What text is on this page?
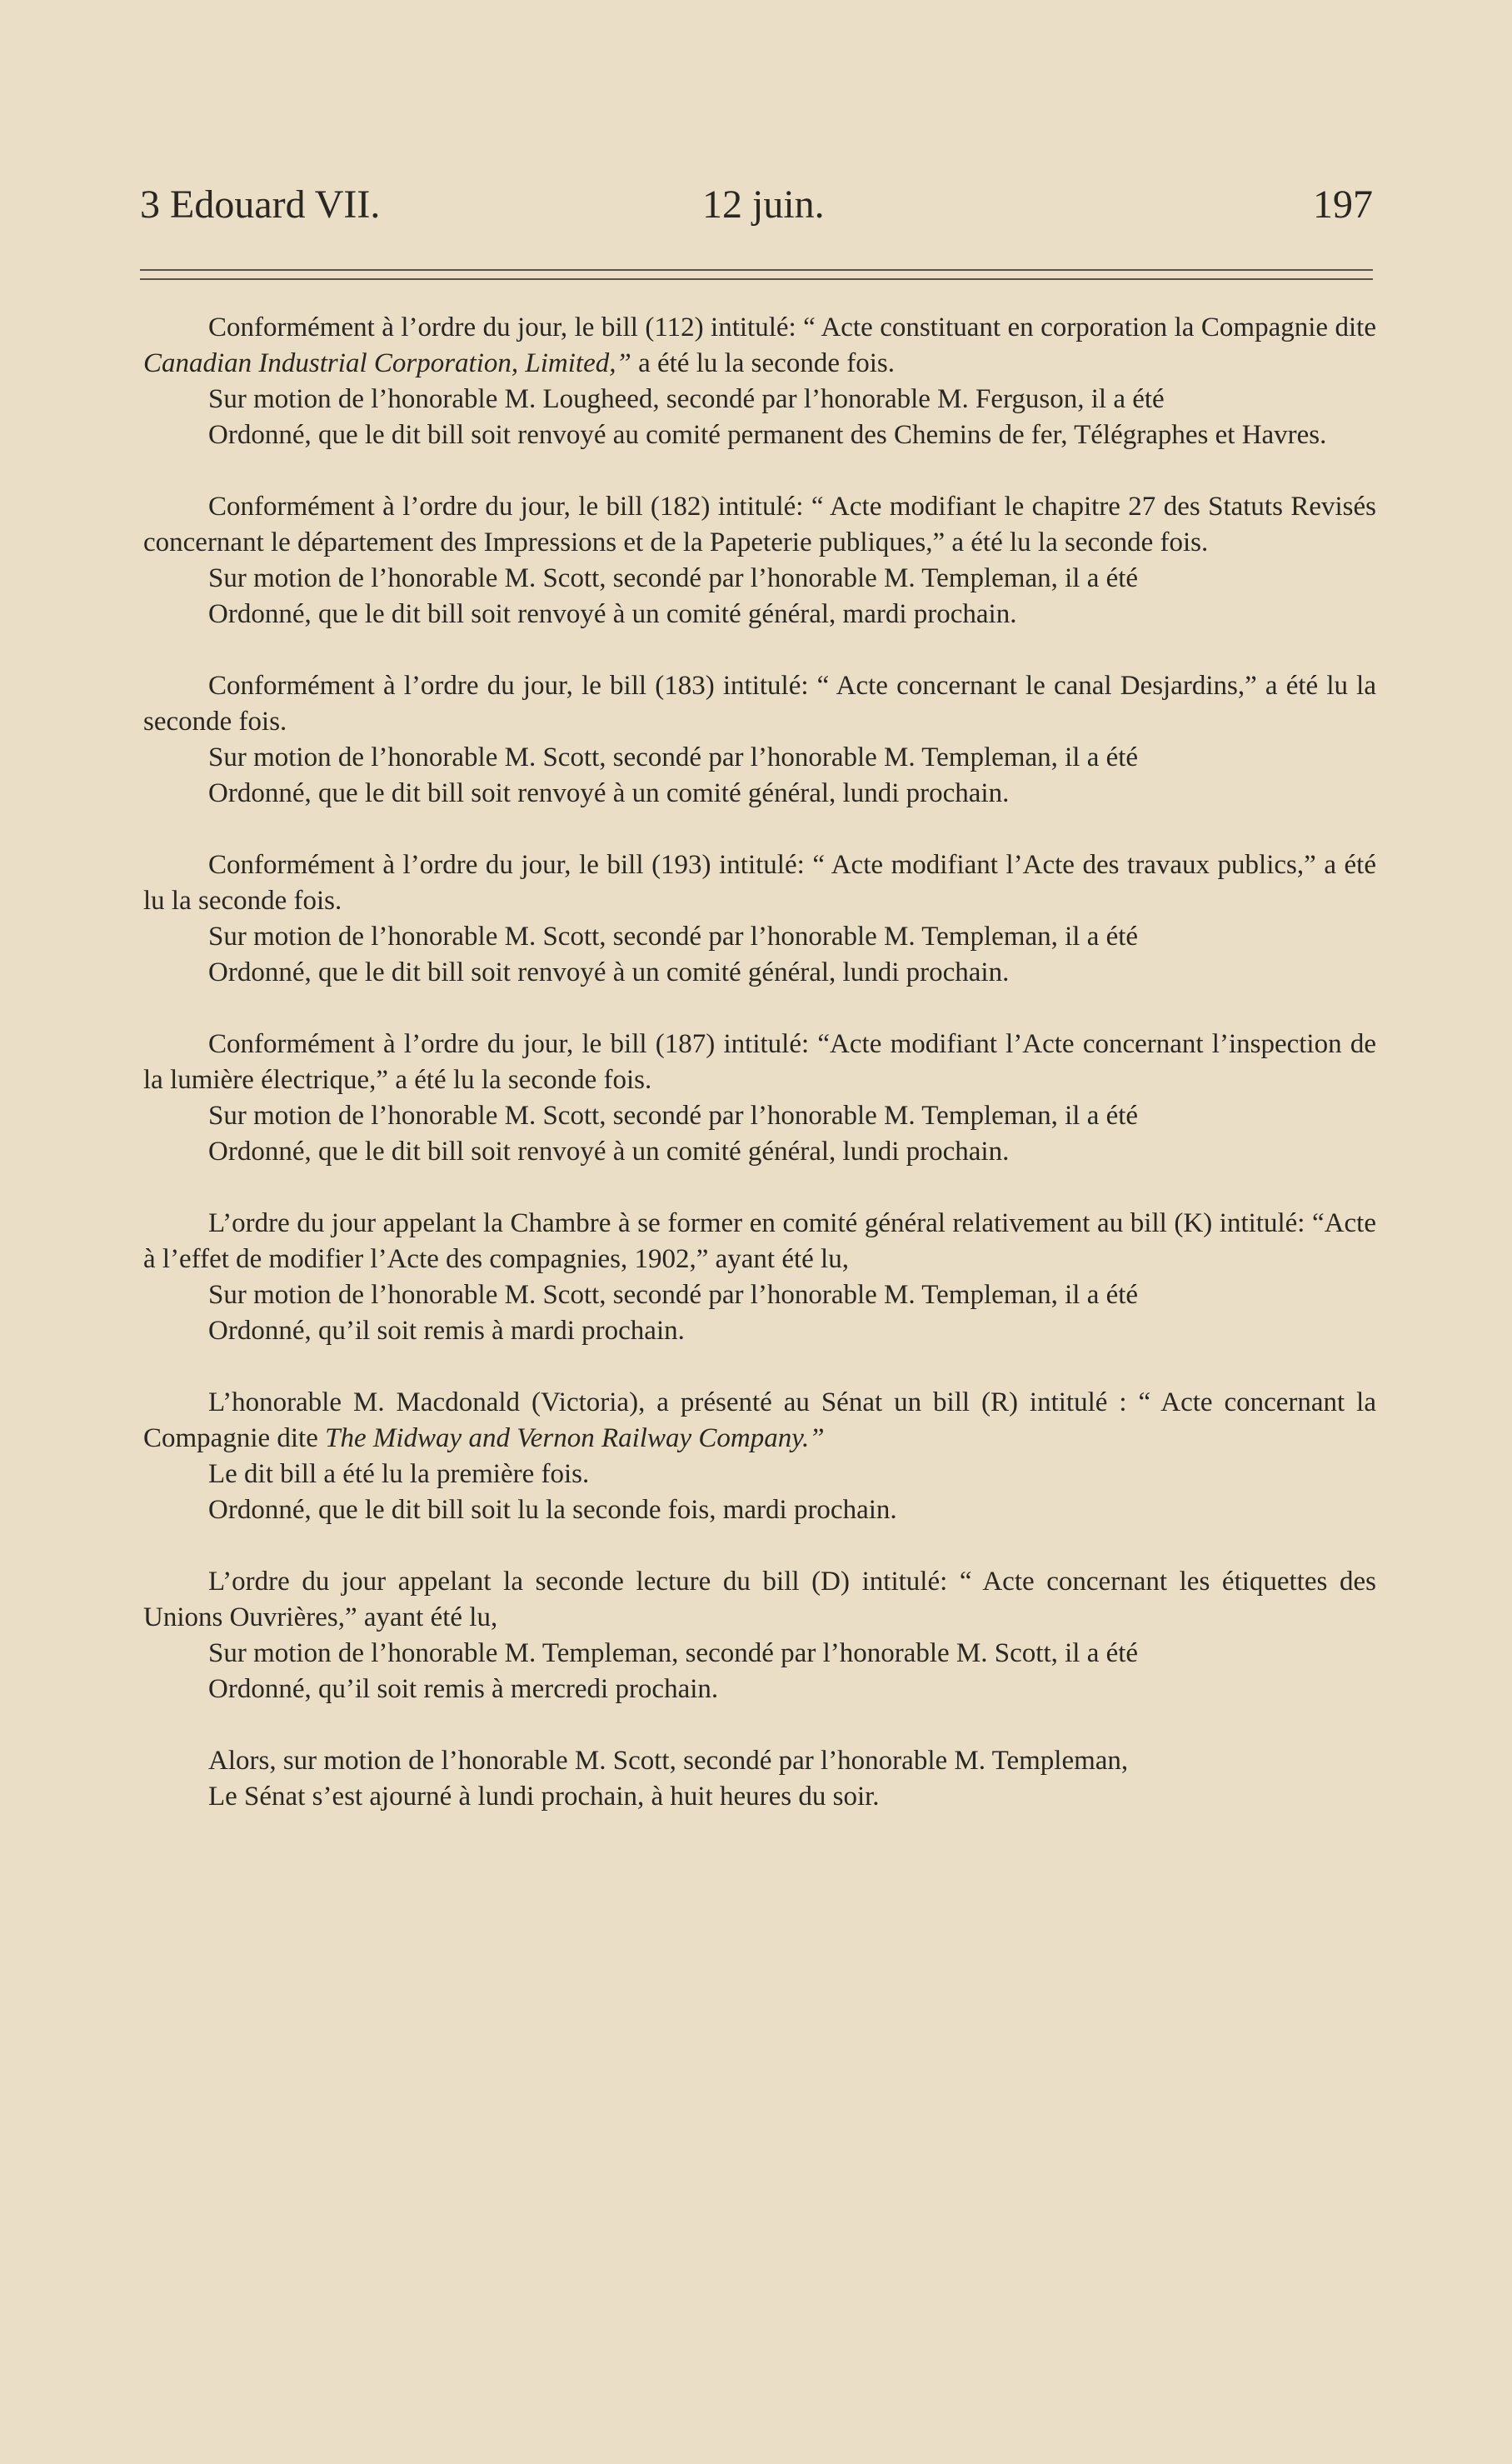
3 Edouard VII.	12 juin.	197

Conformément à l’ordre du jour, le bill (112) intitulé: “ Acte constituant en corporation la Compagnie dite Canadian Industrial Corporation, Limited,” a été lu la seconde fois.

Sur motion de l’honorable M. Lougheed, secondé par l’honorable M. Ferguson, il a été

Ordonné, que le dit bill soit renvoyé au comité permanent des Chemins de fer, Télégraphes et Havres.

Conformément à l’ordre du jour, le bill (182) intitulé: “ Acte modifiant le chapitre 27 des Statuts Revisés concernant le département des Impressions et de la Papeterie publiques,” a été lu la seconde fois.

Sur motion de l’honorable M. Scott, secondé par l’honorable M. Templeman, il a été

Ordonné, que le dit bill soit renvoyé à un comité général, mardi prochain.

Conformément à l’ordre du jour, le bill (183) intitulé: “ Acte concernant le canal Desjardins,” a été lu la seconde fois.

Sur motion de l’honorable M. Scott, secondé par l’honorable M. Templeman, il a été

Ordonné, que le dit bill soit renvoyé à un comité général, lundi prochain.

Conformément à l’ordre du jour, le bill (193) intitulé: “ Acte modifiant l’Acte des travaux publics,” a été lu la seconde fois.

Sur motion de l’honorable M. Scott, secondé par l’honorable M. Templeman, il a été

Ordonné, que le dit bill soit renvoyé à un comité général, lundi prochain.

Conformément à l’ordre du jour, le bill (187) intitulé: “Acte modifiant l’Acte concernant l’inspection de la lumière électrique,” a été lu la seconde fois.

Sur motion de l’honorable M. Scott, secondé par l’honorable M. Templeman, il a été

Ordonné, que le dit bill soit renvoyé à un comité général, lundi prochain.

L’ordre du jour appelant la Chambre à se former en comité général relativement au bill (K) intitulé: “Acte à l’effet de modifier l’Acte des compagnies, 1902,” ayant été lu,

Sur motion de l’honorable M. Scott, secondé par l’honorable M. Templeman, il a été

Ordonné, qu’il soit remis à mardi prochain.

L’honorable M. Macdonald (Victoria), a présenté au Sénat un bill (R) intitulé : “ Acte concernant la Compagnie dite The Midway and Vernon Railway Company.”

Le dit bill a été lu la première fois.

Ordonné, que le dit bill soit lu la seconde fois, mardi prochain.

L’ordre du jour appelant la seconde lecture du bill (D) intitulé: “ Acte concernant les étiquettes des Unions Ouvrières,” ayant été lu,

Sur motion de l’honorable M. Templeman, secondé par l’honorable M. Scott, il a été

Ordonné, qu’il soit remis à mercredi prochain.

Alors, sur motion de l’honorable M. Scott, secondé par l’honorable M. Templeman,

Le Sénat s’est ajourné à lundi prochain, à huit heures du soir.
